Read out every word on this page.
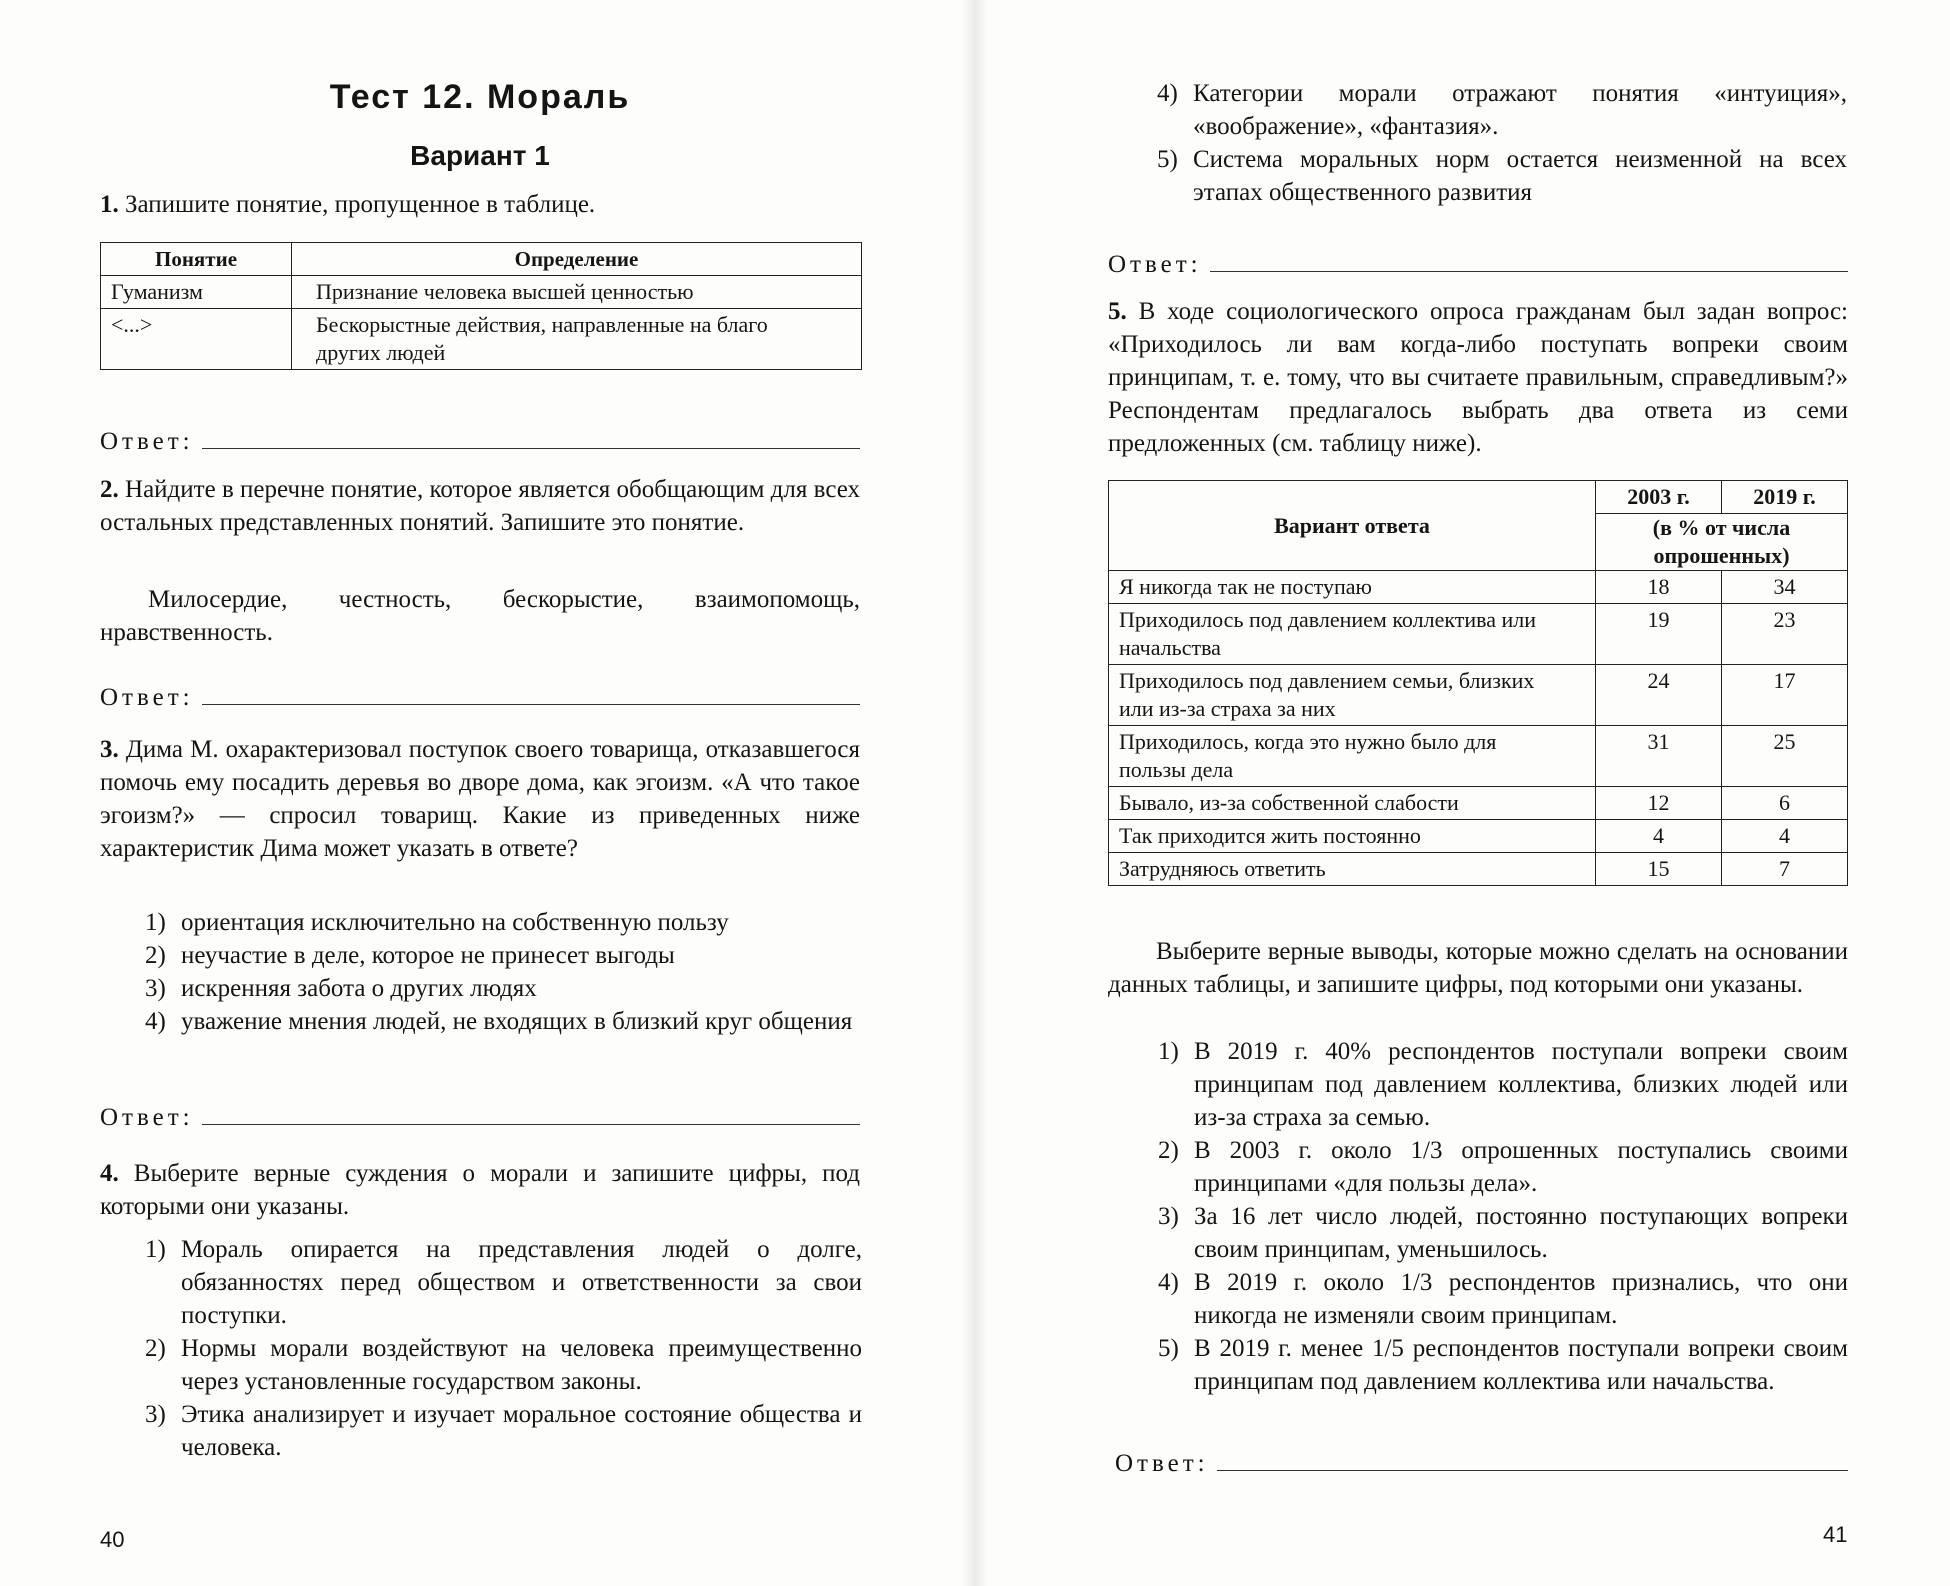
Тест 12. Мораль
Вариант 1

1. Запишите понятие, пропущенное в таблице.

Понятие	Определение
Гуманизм	Признание человека высшей ценностью
<...>	Бескорыстные действия, направленные на благо других людей
Ответ:

2. Найдите в перечне понятие, которое является обобщающим для всех остальных представленных понятий. Запишите это понятие.

Милосердие, честность, бескорыстие, взаимопомощь, нравственность.

Ответ:

3. Дима М. охарактеризовал поступок своего товарища, отказавшегося помочь ему посадить деревья во дворе дома, как эгоизм. «А что такое эгоизм?» — спросил товарищ. Какие из приведенных ниже характеристик Дима может указать в ответе?

1) ориентация исключительно на собственную пользу
2) неучастие в деле, которое не принесет выгоды
3) искренняя забота о других людях
4) уважение мнения людей, не входящих в близкий круг общения
Ответ:

4. Выберите верные суждения о морали и запишите цифры, под которыми они указаны.

1) Мораль опирается на представления людей о долге, обязанностях перед обществом и ответственности за свои поступки.
2) Нормы морали воздействуют на человека преимущественно через установленные государством законы.
3) Этика анализирует и изучает моральное состояние общества и человека.
40
4) Категории морали отражают понятия «интуиция», «воображение», «фантазия».
5) Система моральных норм остается неизменной на всех этапах общественного развития
Ответ:

5. В ходе социологического опроса гражданам был задан вопрос: «Приходилось ли вам когда-либо поступать вопреки своим принципам, т. е. тому, что вы считаете правильным, справедливым?» Респондентам предлагалось выбрать два ответа из семи предложенных (см. таблицу ниже).

Вариант ответа	2003 г.	2019 г.
	(в % от числа опрошенных)	
Я никогда так не поступаю	18	34
Приходилось под давлением коллектива или начальства	19	23
Приходилось под давлением семьи, близких или из-за страха за них	24	17
Приходилось, когда это нужно было для пользы дела	31	25
Бывало, из-за собственной слабости	12	6
Так приходится жить постоянно	4	4
Затрудняюсь ответить	15	7

Выберите верные выводы, которые можно сделать на основании данных таблицы, и запишите цифры, под которыми они указаны.

1) В 2019 г. 40% респондентов поступали вопреки своим принципам под давлением коллектива, близких людей или из-за страха за семью.
2) В 2003 г. около 1/3 опрошенных поступались своими принципами «для пользы дела».
3) За 16 лет число людей, постоянно поступающих вопреки своим принципам, уменьшилось.
4) В 2019 г. около 1/3 респондентов признались, что они никогда не изменяли своим принципам.
5) В 2019 г. менее 1/5 респондентов поступали вопреки своим принципам под давлением коллектива или начальства.
Ответ:
41
